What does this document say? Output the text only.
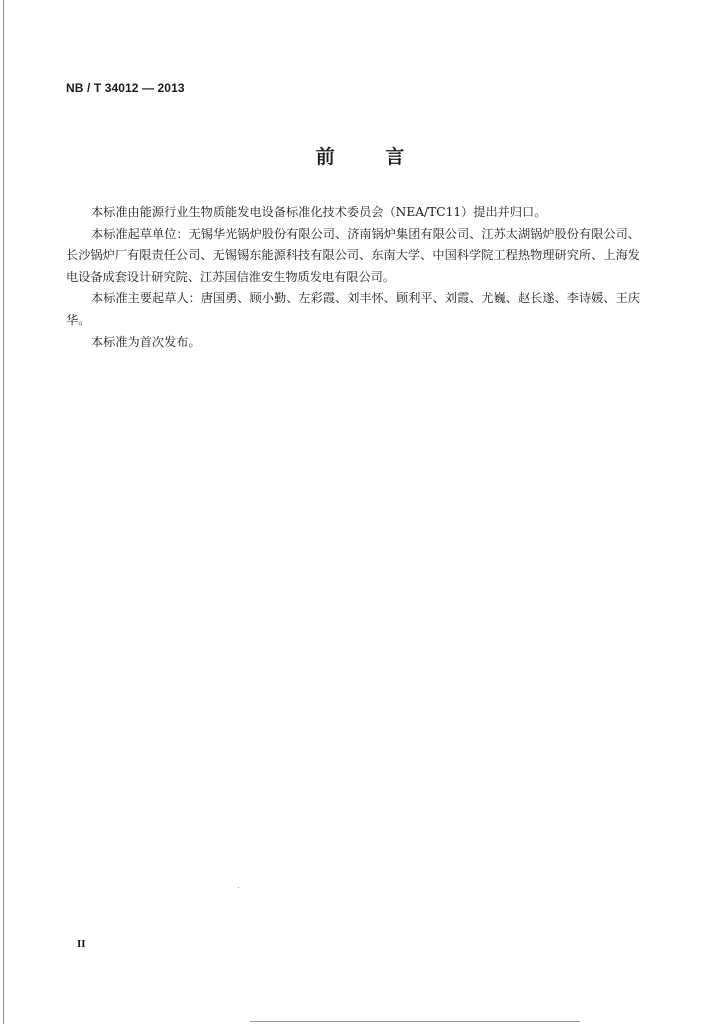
NB / T 34012 — 2013
前 言

本标准由能源行业生物质能发电设备标准化技术委员会（NEA/TC11）提出并归口。

本标准起草单位：无锡华光锅炉股份有限公司、济南锅炉集团有限公司、江苏太湖锅炉股份有限公司、长沙锅炉厂有限责任公司、无锡锡东能源科技有限公司、东南大学、中国科学院工程热物理研究所、上海发电设备成套设计研究院、江苏国信淮安生物质发电有限公司。

本标准主要起草人：唐国勇、顾小勤、左彩霞、刘丰怀、顾利平、刘霞、尤巍、赵长遂、李诗媛、王庆华。

本标准为首次发布。

II
